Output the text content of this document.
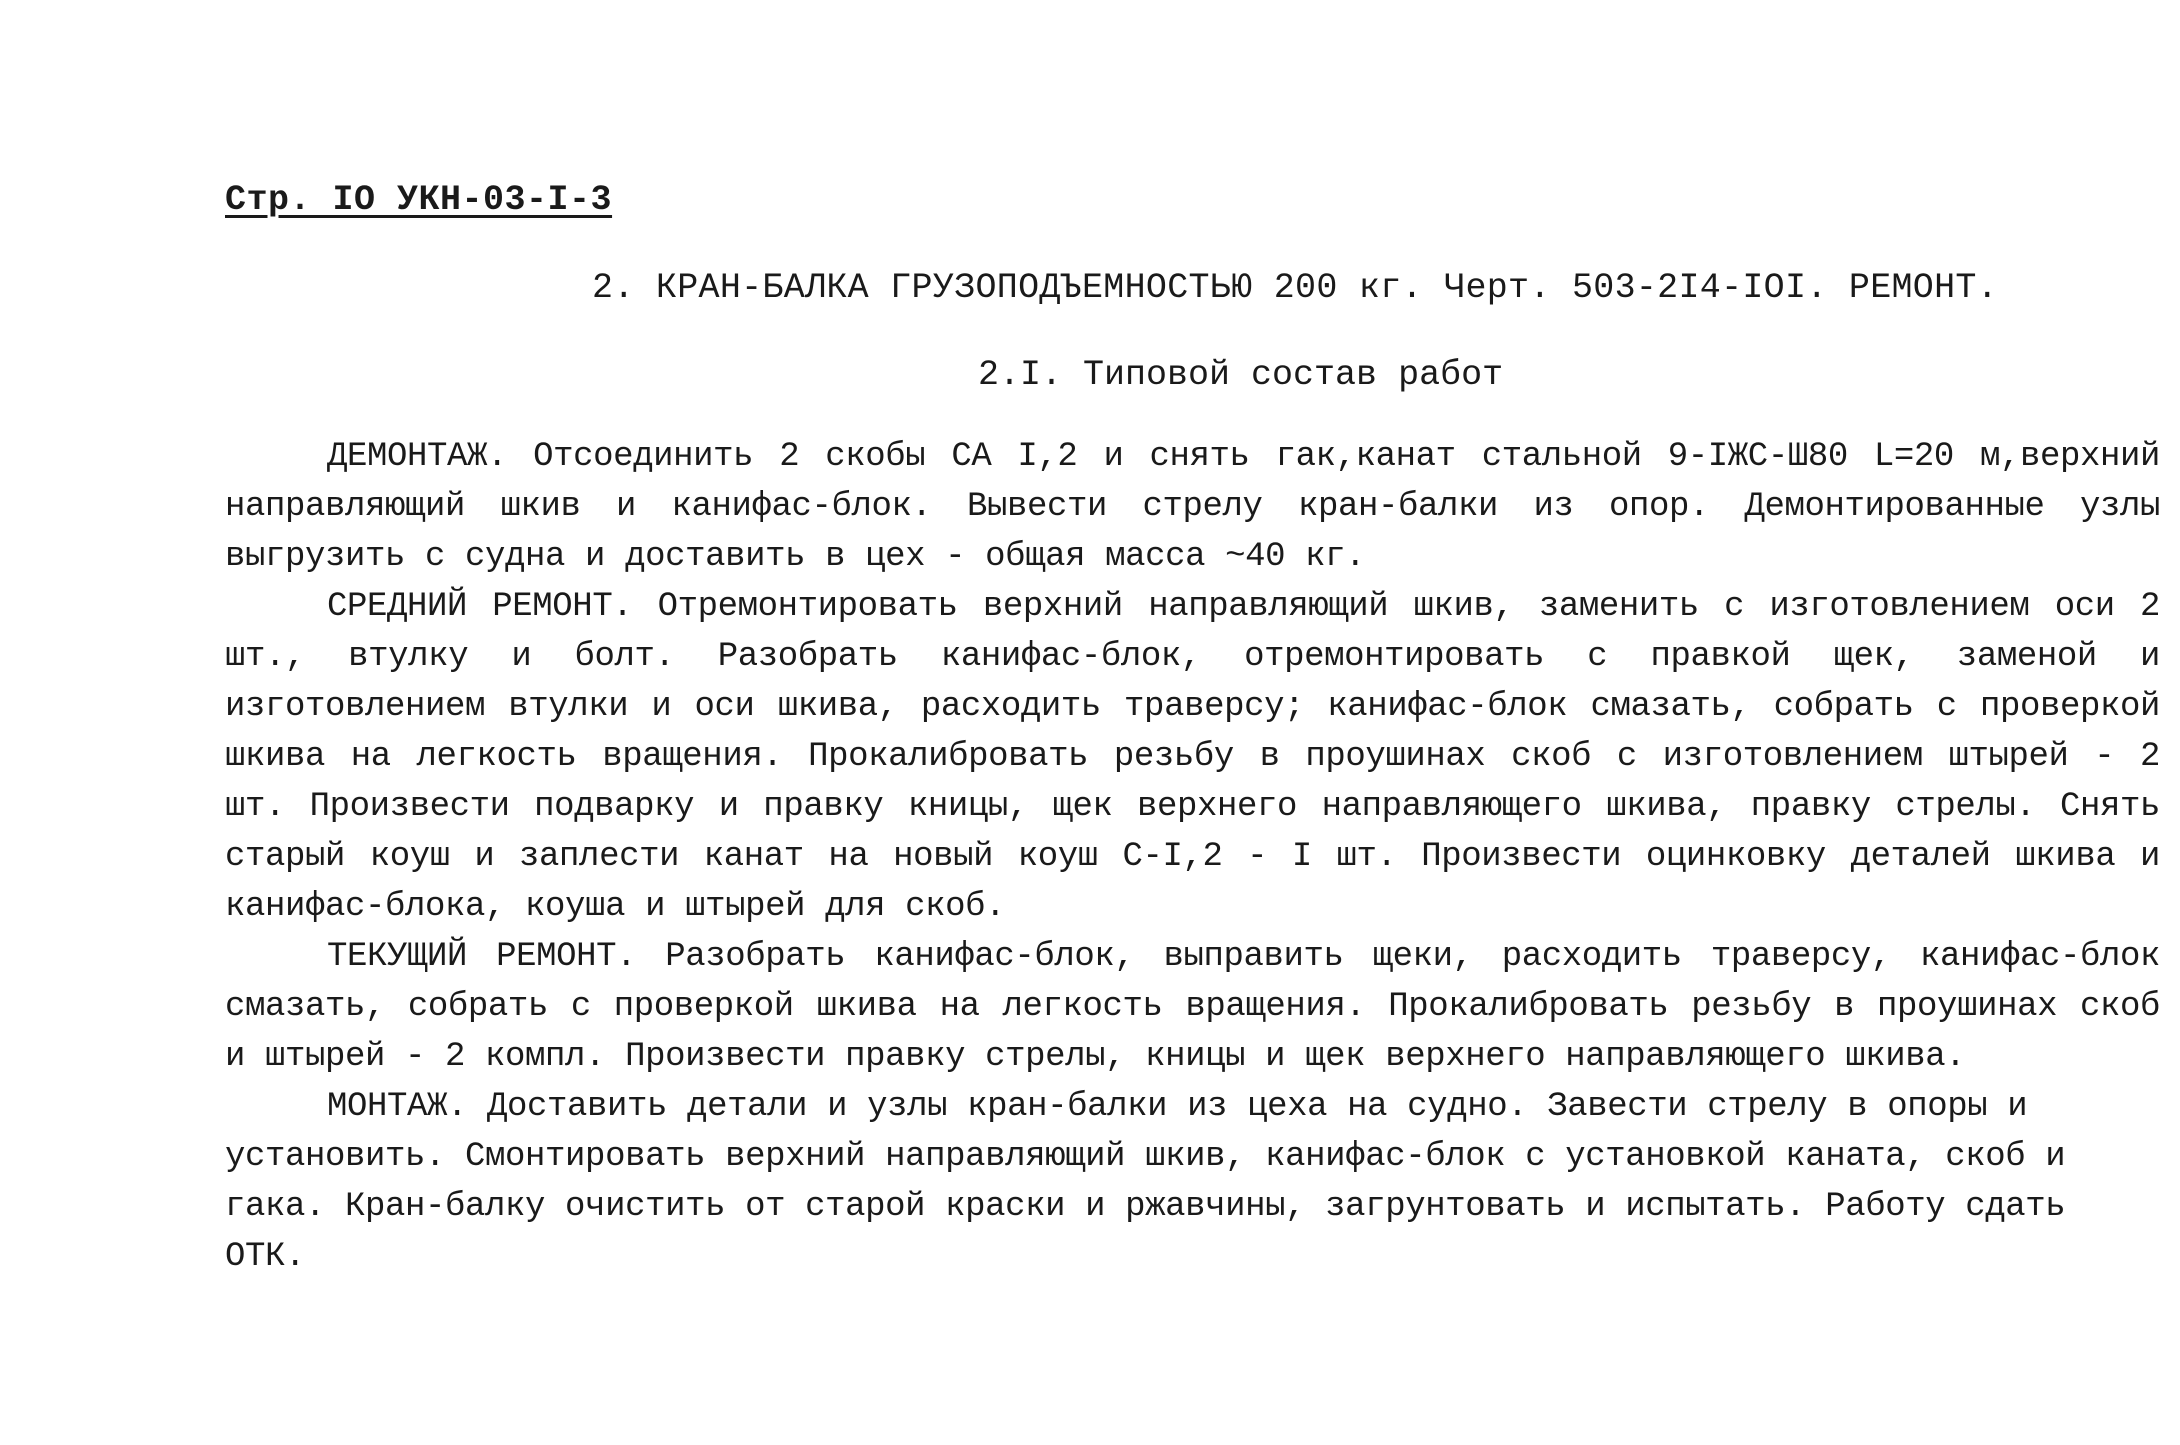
Стр. IO УКН-03-I-3
2. КРАН-БАЛКА ГРУЗОПОДЪЕМНОСТЬЮ 200 кг. Черт. 503-2I4-IOI. РЕМОНТ.
2.I. Типовой состав работ

ДЕМОНТАЖ. Отсоединить 2 скобы СА I,2 и снять гак,канат стальной 9-IЖС-Ш80 L=20 м,верхний направляющий шкив и канифас-блок. Вывести стрелу кран-балки из опор. Демонтированные узлы выгрузить с судна и доставить в цех - общая масса ~40 кг.

СРЕДНИЙ РЕМОНТ. Отремонтировать верхний направляющий шкив, заменить с изготовлением оси 2 шт., втулку и болт. Разобрать канифас-блок, отремонтировать с правкой щек, заменой и изготовлением втулки и оси шкива, расходить траверсу; канифас-блок смазать, собрать с проверкой шкива на легкость вращения. Прокалибровать резьбу в проушинах скоб с изготовлением штырей - 2 шт. Произвести подварку и правку кницы, щек верхнего направляющего шкива, правку стрелы. Снять старый коуш и заплести канат на новый коуш С-I,2 - I шт. Произвести оцинковку деталей шкива и канифас-блока, коуша и штырей для скоб.

ТЕКУЩИЙ РЕМОНТ. Разобрать канифас-блок, выправить щеки, расходить траверсу, канифас-блок смазать, собрать с проверкой шкива на легкость вращения. Прокалибровать резьбу в проушинах скоб и штырей - 2 компл. Произвести правку стрелы, кницы и щек верхнего направляющего шкива.

МОНТАЖ. Доставить детали и узлы кран-балки из цеха на судно. Завести стрелу в опоры и установить. Смонтировать верхний направляющий шкив, канифас-блок с установкой каната, скоб и гака. Кран-балку очистить от старой краски и ржавчины, загрунтовать и испытать. Работу сдать ОТК.
